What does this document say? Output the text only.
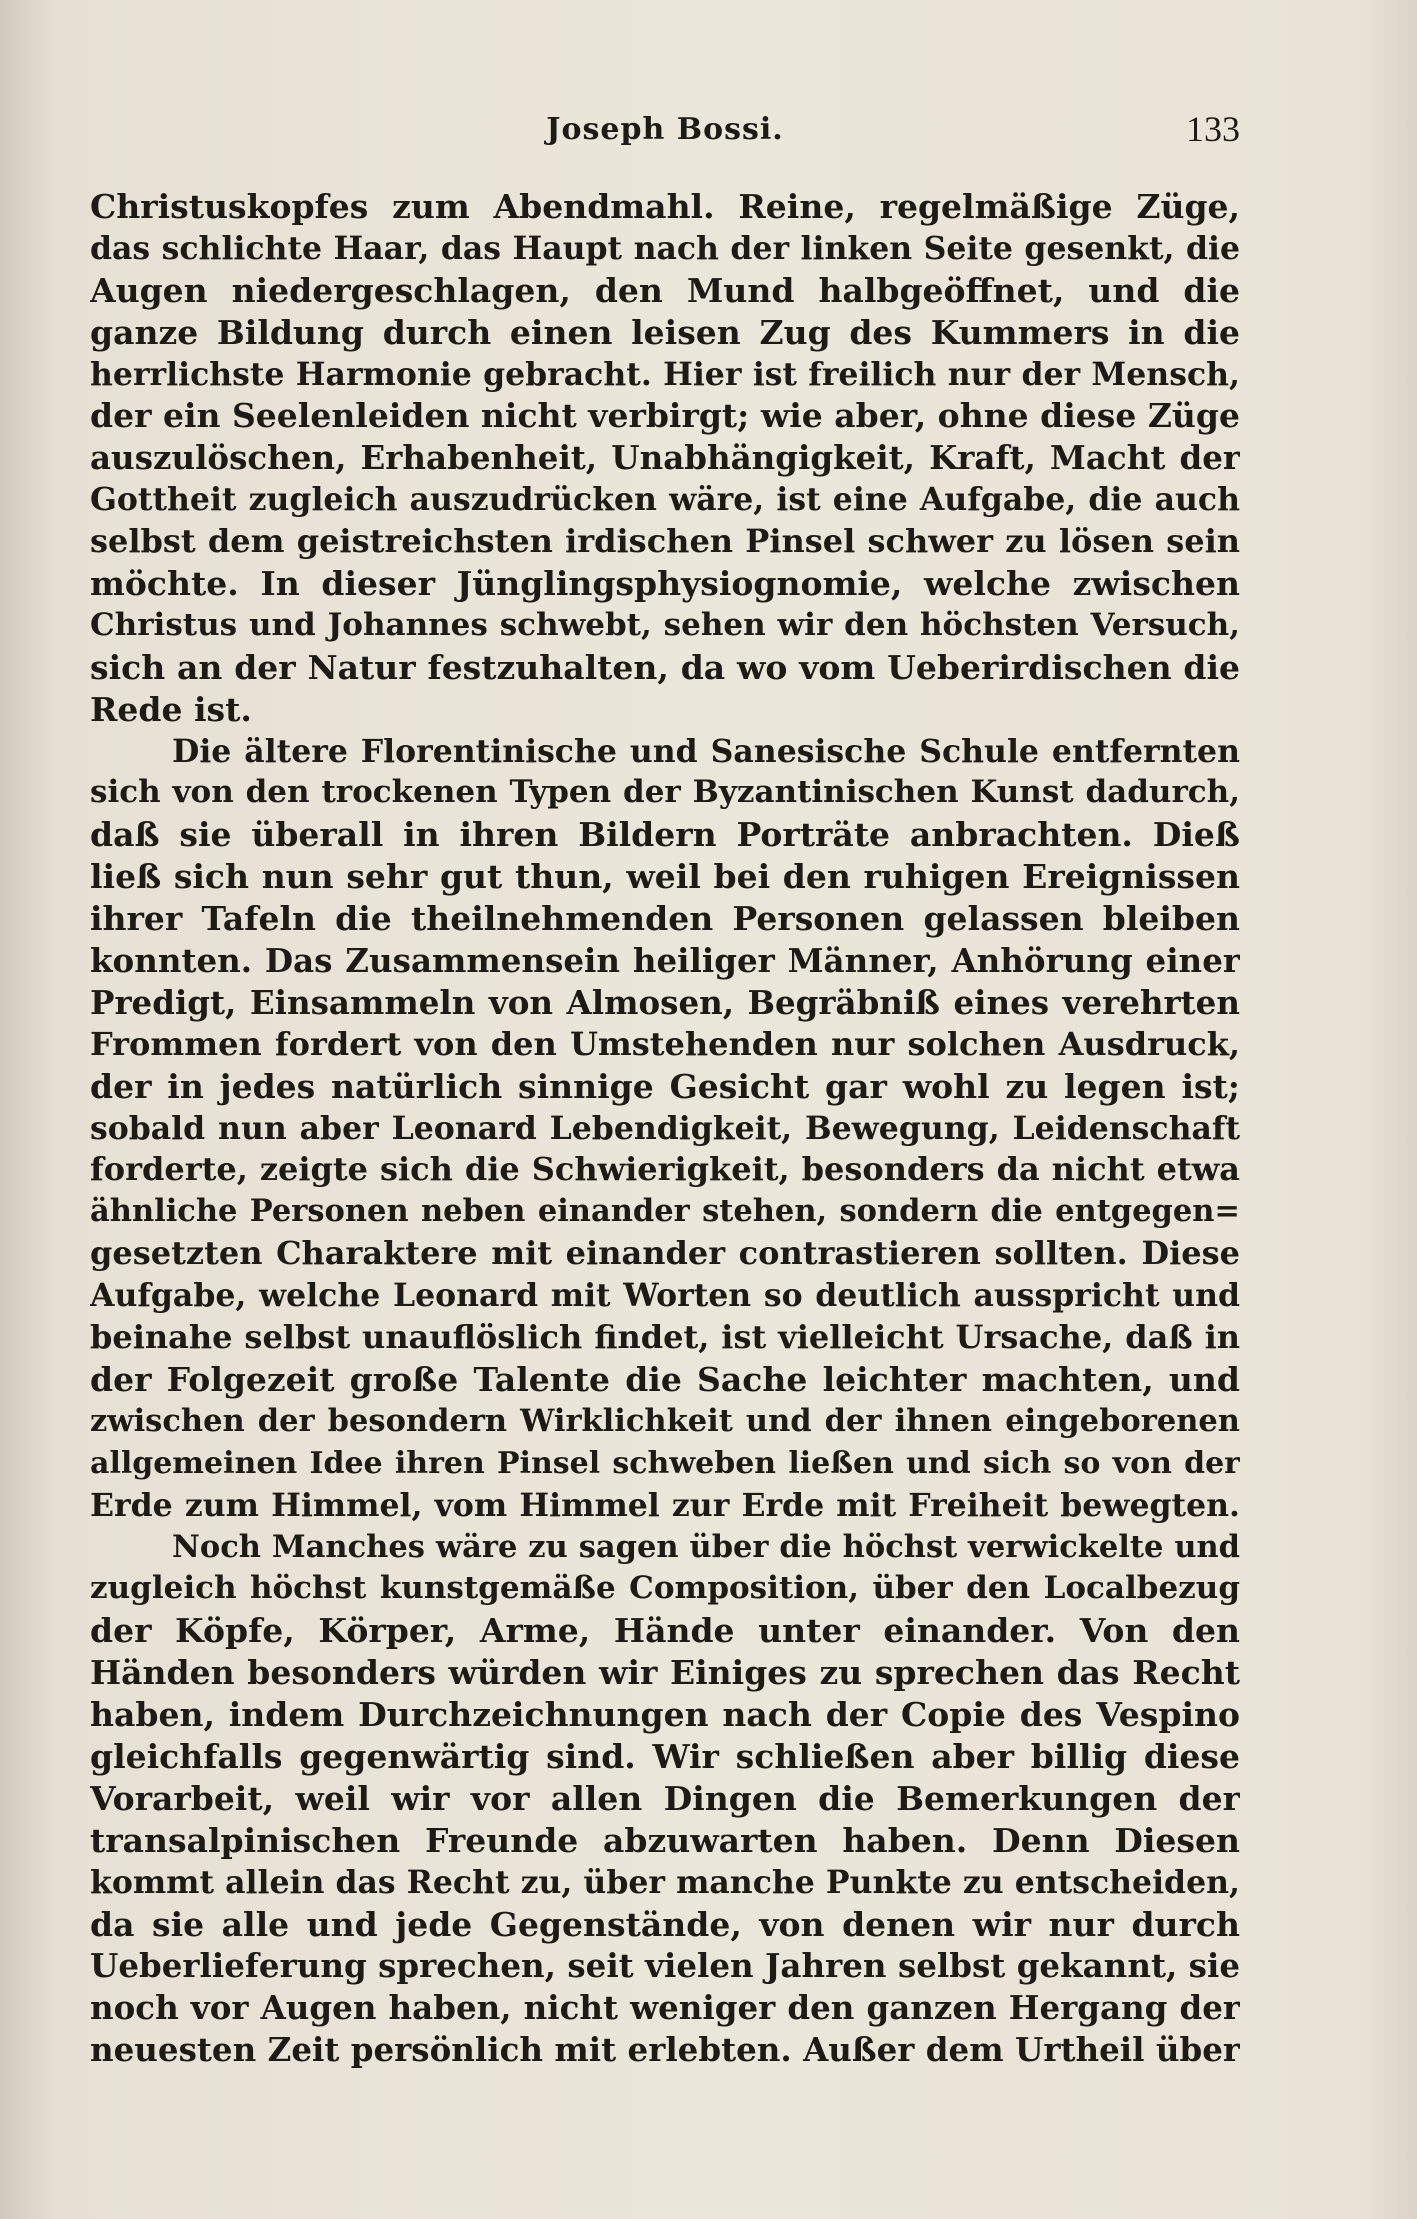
Joseph Bossi.	133
Christuskopfes zum Abendmahl. Reine, regelmäßige Züge,
das schlichte Haar, das Haupt nach der linken Seite gesenkt, die
Augen niedergeschlagen, den Mund halbgeöffnet, und die
ganze Bildung durch einen leisen Zug des Kummers in die
herrlichste Harmonie gebracht. Hier ist freilich nur der Mensch,
der ein Seelenleiden nicht verbirgt; wie aber, ohne diese Züge
auszulöschen, Erhabenheit, Unabhängigkeit, Kraft, Macht der
Gottheit zugleich auszudrücken wäre, ist eine Aufgabe, die auch
selbst dem geistreichsten irdischen Pinsel schwer zu lösen sein
möchte. In dieser Jünglingsphysiognomie, welche zwischen
Christus und Johannes schwebt, sehen wir den höchsten Versuch,
sich an der Natur festzuhalten, da wo vom Ueberirdischen die
Rede ist.
Die ältere Florentinische und Sanesische Schule entfernten
sich von den trockenen Typen der Byzantinischen Kunst dadurch,
daß sie überall in ihren Bildern Porträte anbrachten. Dieß
ließ sich nun sehr gut thun, weil bei den ruhigen Ereignissen
ihrer Tafeln die theilnehmenden Personen gelassen bleiben
konnten. Das Zusammensein heiliger Männer, Anhörung einer
Predigt, Einsammeln von Almosen, Begräbniß eines verehrten
Frommen fordert von den Umstehenden nur solchen Ausdruck,
der in jedes natürlich sinnige Gesicht gar wohl zu legen ist;
sobald nun aber Leonard Lebendigkeit, Bewegung, Leidenschaft
forderte, zeigte sich die Schwierigkeit, besonders da nicht etwa
ähnliche Personen neben einander stehen, sondern die entgegen=
gesetzten Charaktere mit einander contrastieren sollten. Diese
Aufgabe, welche Leonard mit Worten so deutlich ausspricht und
beinahe selbst unauflöslich findet, ist vielleicht Ursache, daß in
der Folgezeit große Talente die Sache leichter machten, und
zwischen der besondern Wirklichkeit und der ihnen eingeborenen
allgemeinen Idee ihren Pinsel schweben ließen und sich so von der
Erde zum Himmel, vom Himmel zur Erde mit Freiheit bewegten.
Noch Manches wäre zu sagen über die höchst verwickelte und
zugleich höchst kunstgemäße Composition, über den Localbezug
der Köpfe, Körper, Arme, Hände unter einander. Von den
Händen besonders würden wir Einiges zu sprechen das Recht
haben, indem Durchzeichnungen nach der Copie des Vespino
gleichfalls gegenwärtig sind. Wir schließen aber billig diese
Vorarbeit, weil wir vor allen Dingen die Bemerkungen der
transalpinischen Freunde abzuwarten haben. Denn Diesen
kommt allein das Recht zu, über manche Punkte zu entscheiden,
da sie alle und jede Gegenstände, von denen wir nur durch
Ueberlieferung sprechen, seit vielen Jahren selbst gekannt, sie
noch vor Augen haben, nicht weniger den ganzen Hergang der
neuesten Zeit persönlich mit erlebten. Außer dem Urtheil über
